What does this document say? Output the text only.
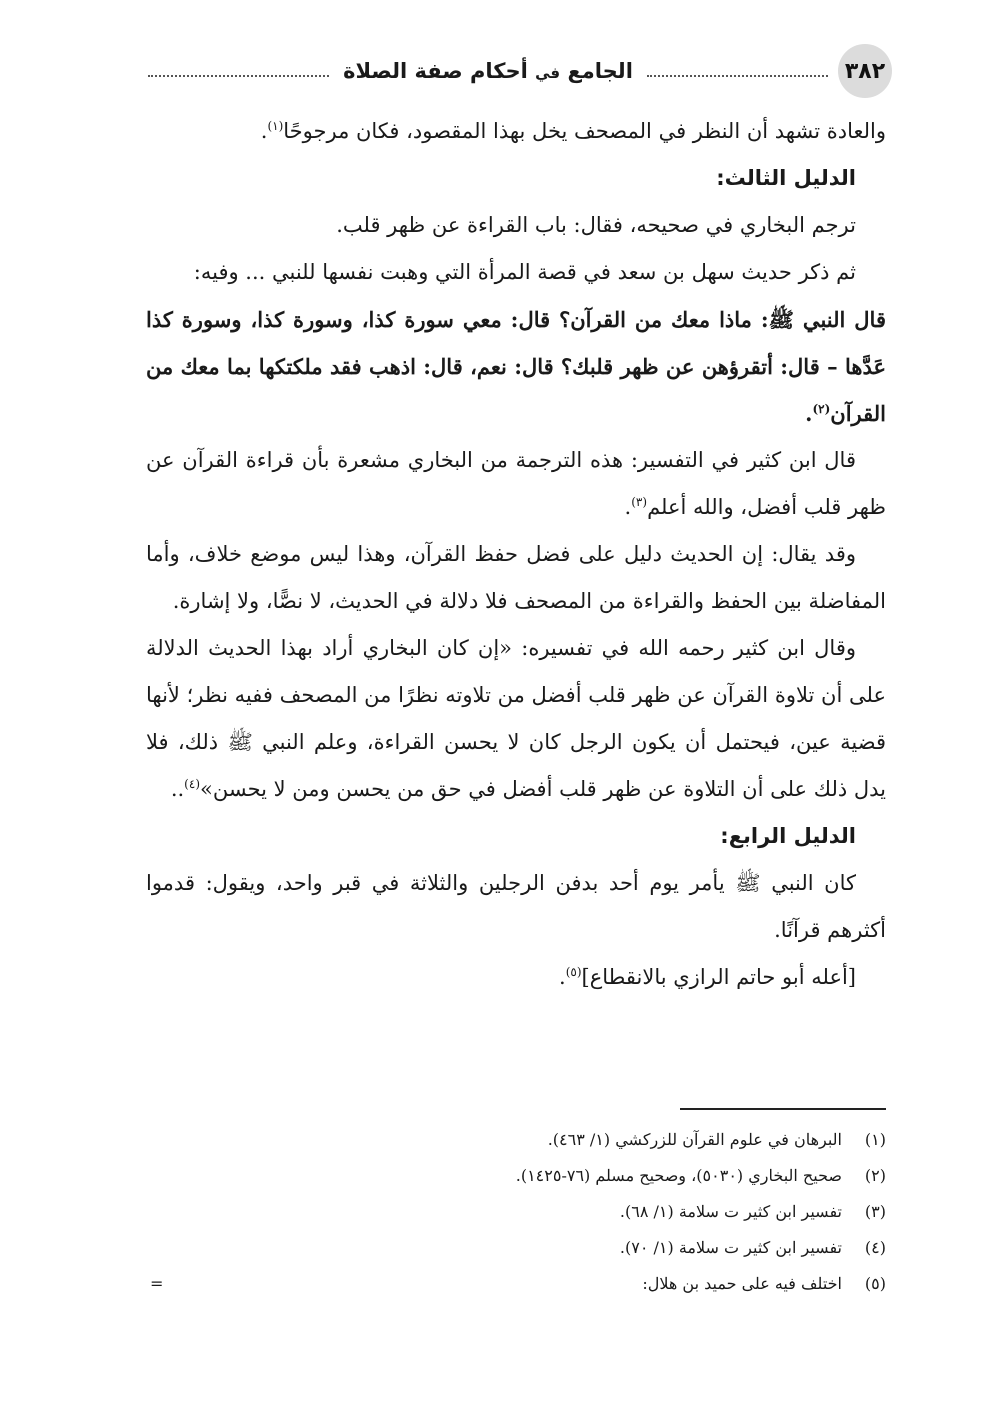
٣٨٢
الجامع في أحكام صفة الصلاة

والعادة تشهد أن النظر في المصحف يخل بهذا المقصود، فكان مرجوحًا$^{(١)}$.

الدليل الثالث:

ترجم البخاري في صحيحه، فقال: باب القراءة عن ظهر قلب.

ثم ذكر حديث سهل بن سعد في قصة المرأة التي وهبت نفسها للنبي ... وفيه:

قال النبي ﷺ: ماذا معك من القرآن؟ قال: معي سورة كذا، وسورة كذا، وسورة كذا عَدَّها – قال: أتقرؤهن عن ظهر قلبك؟ قال: نعم، قال: اذهب فقد ملكتكها بما معك من القرآن$^{(٢)}$.

قال ابن كثير في التفسير: هذه الترجمة من البخاري مشعرة بأن قراءة القرآن عن ظهر قلب أفضل، والله أعلم$^{(٣)}$.

وقد يقال: إن الحديث دليل على فضل حفظ القرآن، وهذا ليس موضع خلاف، وأما المفاضلة بين الحفظ والقراءة من المصحف فلا دلالة في الحديث، لا نصًّا، ولا إشارة.

وقال ابن كثير رحمه الله في تفسيره: «إن كان البخاري أراد بهذا الحديث الدلالة على أن تلاوة القرآن عن ظهر قلب أفضل من تلاوته نظرًا من المصحف ففيه نظر؛ لأنها قضية عين، فيحتمل أن يكون الرجل كان لا يحسن القراءة، وعلم النبي ﷺ ذلك، فلا يدل ذلك على أن التلاوة عن ظهر قلب أفضل في حق من يحسن ومن لا يحسن»$^{(٤)}$..

الدليل الرابع:

كان النبي ﷺ يأمر يوم أحد بدفن الرجلين والثلاثة في قبر واحد، ويقول: قدموا أكثرهم قرآنًا.

[أعله أبو حاتم الرازي بالانقطاع]$^{(٥)}$.

(١)
البرهان في علوم القرآن للزركشي (١/ ٤٦٣).
(٢)
صحيح البخاري (٥٠٣٠)، وصحيح مسلم (٧٦-١٤٢٥).
(٣)
تفسير ابن كثير ت سلامة (١/ ٦٨).
(٤)
تفسير ابن كثير ت سلامة (١/ ٧٠).
(٥)
اختلف فيه على حميد بن هلال:
=
